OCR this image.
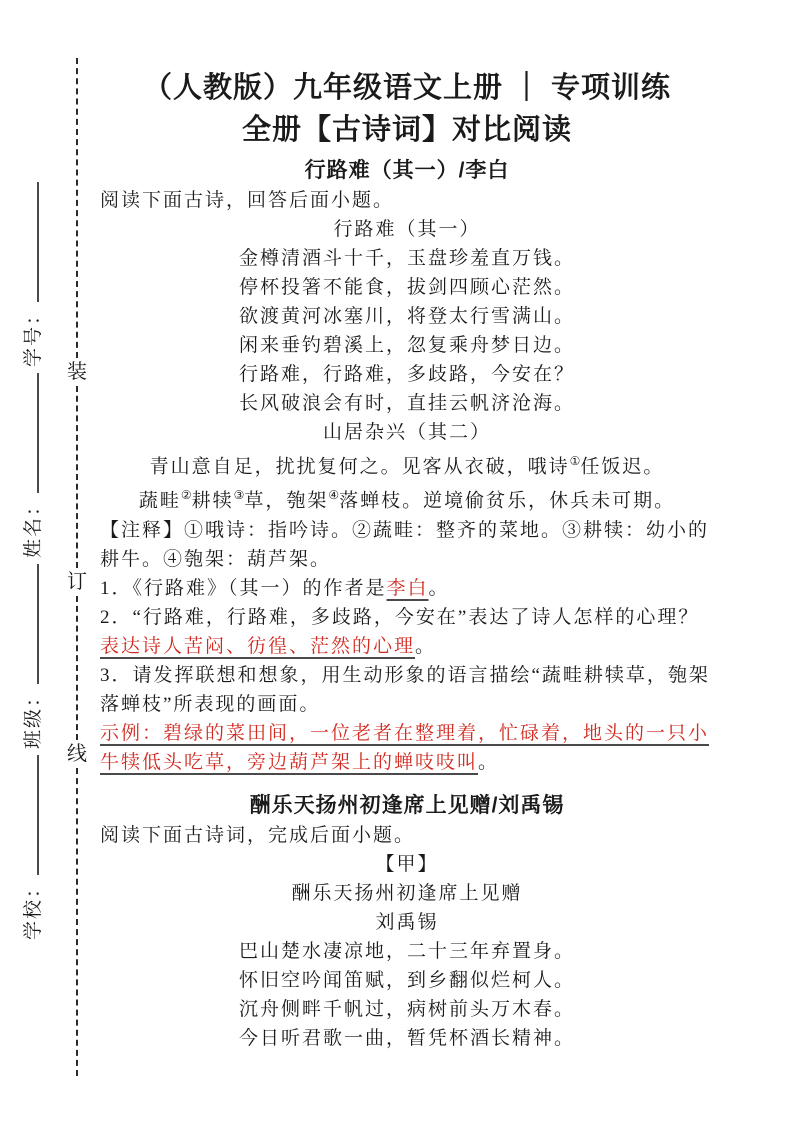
学校：
班级：
姓名：
学号：
装
订
线
（人教版）九年级语文上册 ｜ 专项训练
全册【古诗词】对比阅读
行路难（其一）/李白
阅读下面古诗，回答后面小题。
行路难（其一）
金樽清酒斗十千，玉盘珍羞直万钱。
停杯投箸不能食，拔剑四顾心茫然。
欲渡黄河冰塞川，将登太行雪满山。
闲来垂钓碧溪上，忽复乘舟梦日边。
行路难，行路难，多歧路，今安在？
长风破浪会有时，直挂云帆济沧海。
山居杂兴（其二）
青山意自足，扰扰复何之。见客从衣破，哦诗①任饭迟。
蔬畦②耕犊③草，匏架④落蝉枝。逆境偷贫乐，休兵未可期。
【注释】①哦诗：指吟诗。②蔬畦：整齐的菜地。③耕犊：幼小的耕牛。④匏架：葫芦架。
1．《行路难》（其一）的作者是李白。
2．“行路难，行路难，多歧路，今安在”表达了诗人怎样的心理？
表达诗人苦闷、彷徨、茫然的心理。
3．请发挥联想和想象，用生动形象的语言描绘“蔬畦耕犊草，匏架落蝉枝”所表现的画面。
示例：碧绿的菜田间，一位老者在整理着，忙碌着，地头的一只小牛犊低头吃草，旁边葫芦架上的蝉吱吱叫。
酬乐天扬州初逢席上见赠/刘禹锡
阅读下面古诗词，完成后面小题。
【甲】
酬乐天扬州初逢席上见赠
刘禹锡
巴山楚水凄凉地，二十三年弃置身。
怀旧空吟闻笛赋，到乡翻似烂柯人。
沉舟侧畔千帆过，病树前头万木春。
今日听君歌一曲，暂凭杯酒长精神。
